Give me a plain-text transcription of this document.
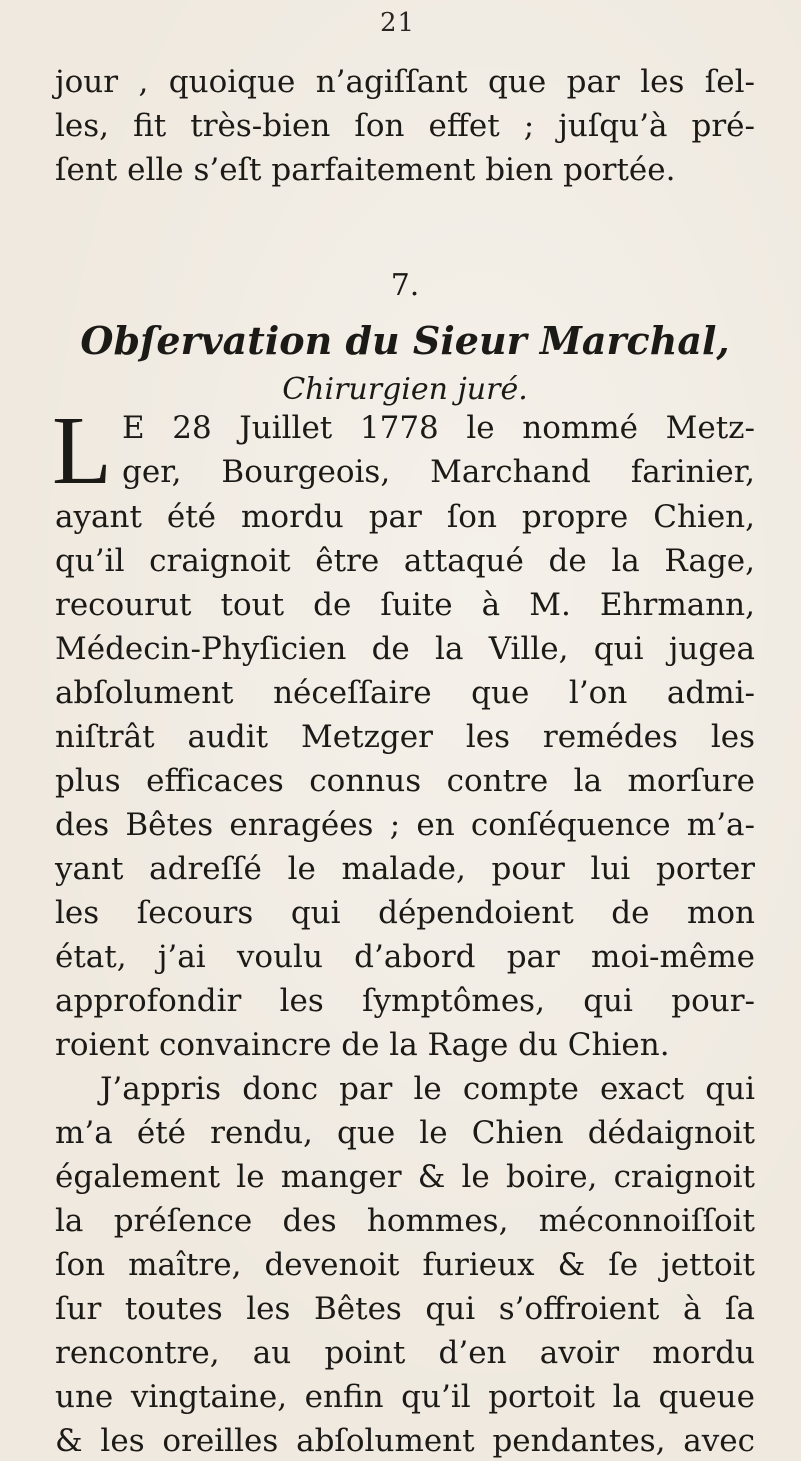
21
jour , quoique n’agiſſant que par les ſel-
les, fit très-bien ſon effet ; juſqu’à pré-
ſent elle s’eſt parfaitement bien portée.
7.
Obſervation du Sieur Marchal,
Chirurgien juré.
L E 28 Juillet 1778 le nommé Metz-
ger, Bourgeois, Marchand farinier,
ayant été mordu par ſon propre Chien,
qu’il craignoit être attaqué de la Rage,
recourut tout de ſuite à M. Ehrmann,
Médecin-Phyſicien de la Ville, qui jugea
abſolument néceſſaire que l’on admi-
niſtrât audit Metzger les remédes les
plus efficaces connus contre la morſure
des Bêtes enragées ; en conſéquence m’a-
yant adreſſé le malade, pour lui porter
les ſecours qui dépendoient de mon
état, j’ai voulu d’abord par moi-même
approfondir les ſymptômes, qui pour-
roient convaincre de la Rage du Chien.
J’appris donc par le compte exact qui
m’a été rendu, que le Chien dédaignoit
également le manger & le boire, craignoit
la préſence des hommes, méconnoiſſoit
ſon maître, devenoit furieux & ſe jettoit
ſur toutes les Bêtes qui s’offroient à ſa
rencontre, au point d’en avoir mordu
une vingtaine, enfin qu’il portoit la queue
& les oreilles abſolument pendantes, avec
